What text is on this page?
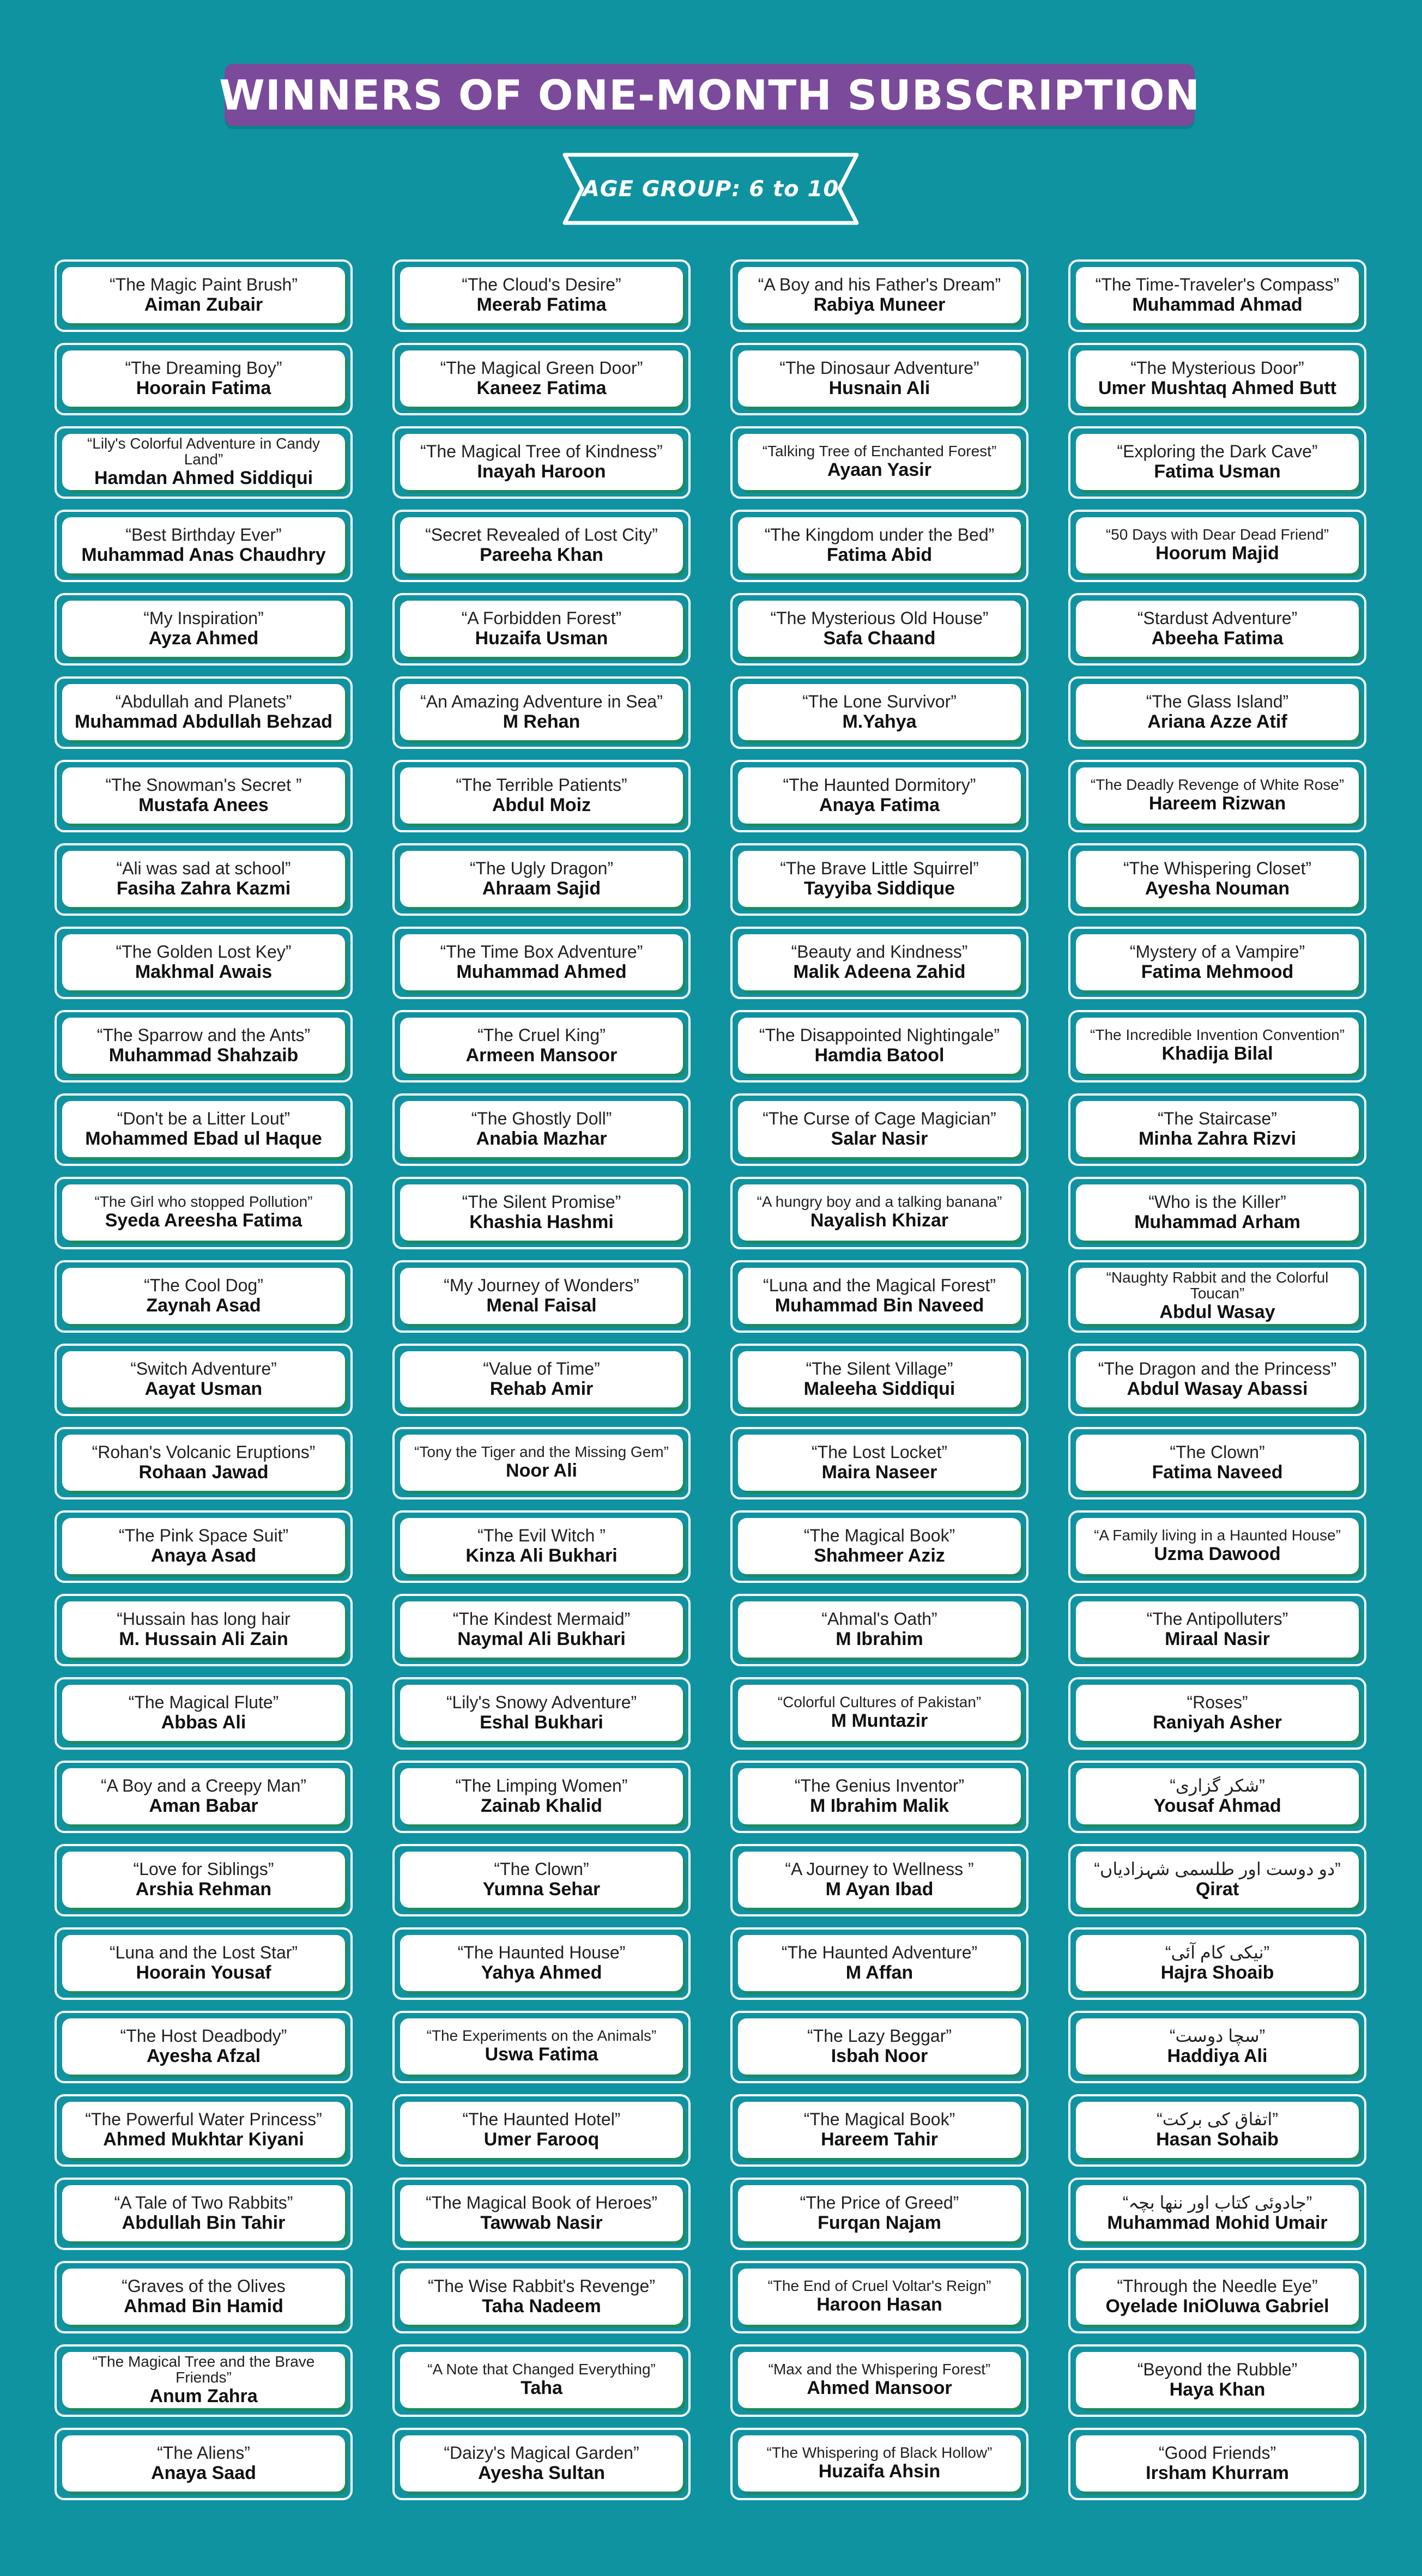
WINNERS OF ONE-MONTH SUBSCRIPTION
AGE GROUP: 6 to 10
“The Magic Paint Brush”
Aiman Zubair
“The Cloud's Desire”
Meerab Fatima
“A Boy and his Father's Dream”
Rabiya Muneer
“The Time-Traveler's Compass”
Muhammad Ahmad
“The Dreaming Boy”
Hoorain Fatima
“The Magical Green Door”
Kaneez Fatima
“The Dinosaur Adventure”
Husnain Ali
“The Mysterious Door”
Umer Mushtaq Ahmed Butt
“Lily's Colorful Adventure in Candy Land”
Hamdan Ahmed Siddiqui
“The Magical Tree of Kindness”
Inayah Haroon
“Talking Tree of Enchanted Forest”
Ayaan Yasir
“Exploring the Dark Cave”
Fatima Usman
“Best Birthday Ever”
Muhammad Anas Chaudhry
“Secret Revealed of Lost City”
Pareeha Khan
“The Kingdom under the Bed”
Fatima Abid
“50 Days with Dear Dead Friend”
Hoorum Majid
“My Inspiration”
Ayza Ahmed
“A Forbidden Forest”
Huzaifa Usman
“The Mysterious Old House”
Safa Chaand
“Stardust Adventure”
Abeeha Fatima
“Abdullah and Planets”
Muhammad Abdullah Behzad
“An Amazing Adventure in Sea”
M Rehan
“The Lone Survivor”
M.Yahya
“The Glass Island”
Ariana Azze Atif
“The Snowman's Secret ”
Mustafa Anees
“The Terrible Patients”
Abdul Moiz
“The Haunted Dormitory”
Anaya Fatima
“The Deadly Revenge of White Rose”
Hareem Rizwan
“Ali was sad at school”
Fasiha Zahra Kazmi
“The Ugly Dragon”
Ahraam Sajid
“The Brave Little Squirrel”
Tayyiba Siddique
“The Whispering Closet”
Ayesha Nouman
“The Golden Lost Key”
Makhmal Awais
“The Time Box Adventure”
Muhammad Ahmed
“Beauty and Kindness”
Malik Adeena Zahid
“Mystery of a Vampire”
Fatima Mehmood
“The Sparrow and the Ants”
Muhammad Shahzaib
“The Cruel King”
Armeen Mansoor
“The Disappointed Nightingale”
Hamdia Batool
“The Incredible Invention Convention”
Khadija Bilal
“Don't be a Litter Lout”
Mohammed Ebad ul Haque
“The Ghostly Doll”
Anabia Mazhar
“The Curse of Cage Magician”
Salar Nasir
“The Staircase”
Minha Zahra Rizvi
“The Girl who stopped Pollution”
Syeda Areesha Fatima
“The Silent Promise”
Khashia Hashmi
“A hungry boy and a talking banana”
Nayalish Khizar
“Who is the Killer”
Muhammad Arham
“The Cool Dog”
Zaynah Asad
“My Journey of Wonders”
Menal Faisal
“Luna and the Magical Forest”
Muhammad Bin Naveed
“Naughty Rabbit and the Colorful Toucan”
Abdul Wasay
“Switch Adventure”
Aayat Usman
“Value of Time”
Rehab Amir
“The Silent Village”
Maleeha Siddiqui
“The Dragon and the Princess”
Abdul Wasay Abassi
“Rohan's Volcanic Eruptions”
Rohaan Jawad
“Tony the Tiger and the Missing Gem”
Noor Ali
“The Lost Locket”
Maira Naseer
“The Clown”
Fatima Naveed
“The Pink Space Suit”
Anaya Asad
“The Evil Witch ”
Kinza Ali Bukhari
“The Magical Book”
Shahmeer Aziz
“A Family living in a Haunted House”
Uzma Dawood
“Hussain has long hair
M. Hussain Ali Zain
“The Kindest Mermaid”
Naymal Ali Bukhari
“Ahmal's Oath”
M Ibrahim
“The Antipolluters”
Miraal Nasir
“The Magical Flute”
Abbas Ali
“Lily's Snowy Adventure”
Eshal Bukhari
“Colorful Cultures of Pakistan”
M Muntazir
“Roses”
Raniyah Asher
“A Boy and a Creepy Man”
Aman Babar
“The Limping Women”
Zainab Khalid
“The Genius Inventor”
M Ibrahim Malik
“شکر گزاری”
Yousaf Ahmad
“Love for Siblings”
Arshia Rehman
“The Clown”
Yumna Sehar
“A Journey to Wellness ”
M Ayan Ibad
“دو دوست اور طلسمی شہزادیاں”
Qirat
“Luna and the Lost Star”
Hoorain Yousaf
“The Haunted House”
Yahya Ahmed
“The Haunted Adventure”
M Affan
“نیکی کام آئی”
Hajra Shoaib
“The Host Deadbody”
Ayesha Afzal
“The Experiments on the Animals”
Uswa Fatima
“The Lazy Beggar”
Isbah Noor
“سچا دوست”
Haddiya Ali
“The Powerful Water Princess”
Ahmed Mukhtar Kiyani
“The Haunted Hotel”
Umer Farooq
“The Magical Book”
Hareem Tahir
“اتفاق کی برکت”
Hasan Sohaib
“A Tale of Two Rabbits”
Abdullah Bin Tahir
“The Magical Book of Heroes”
Tawwab Nasir
“The Price of Greed”
Furqan Najam
“جادوئی کتاب اور ننھا بچہ”
Muhammad Mohid Umair
“Graves of the Olives
Ahmad Bin Hamid
“The Wise Rabbit's Revenge”
Taha Nadeem
“The End of Cruel Voltar's Reign”
Haroon Hasan
“Through the Needle Eye”
Oyelade IniOluwa Gabriel
“The Magical Tree and the Brave Friends”
Anum Zahra
“A Note that Changed Everything”
Taha
“Max and the Whispering Forest”
Ahmed Mansoor
“Beyond the Rubble”
Haya Khan
“The Aliens”
Anaya Saad
“Daizy's Magical Garden”
Ayesha Sultan
“The Whispering of Black Hollow”
Huzaifa Ahsin
“Good Friends”
Irsham Khurram
